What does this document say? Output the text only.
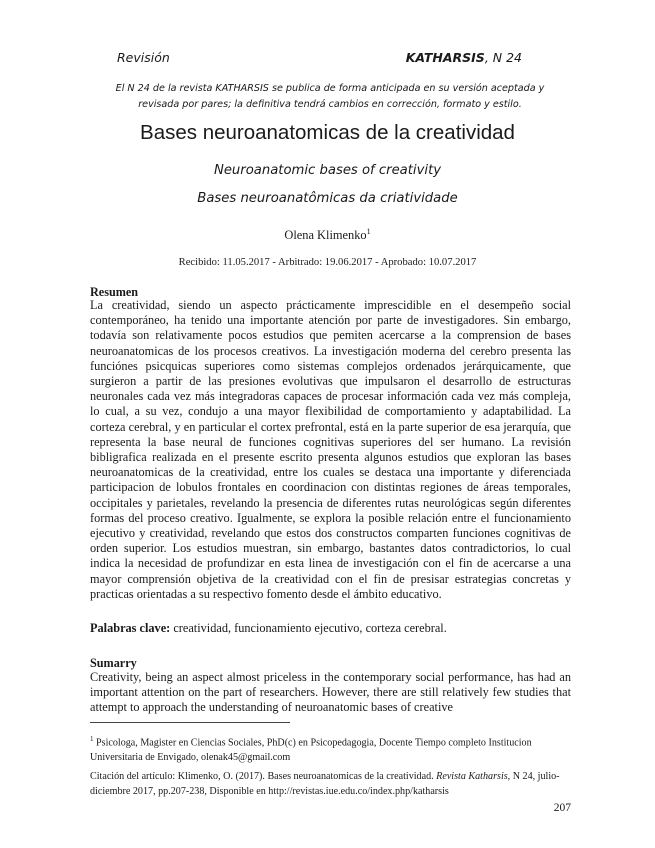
Revisión	KATHARSIS, N 24
El N 24 de la revista KATHARSIS se publica de forma anticipada en su versión aceptada y
revisada por pares; la definitiva tendrá cambios en corrección, formato y estilo.
Bases neuroanatomicas de la creatividad
Neuroanatomic bases of creativity
Bases neuroanatômicas da criatividade
Olena Klimenko$^1$
Recibido: 11.05.2017 - Arbitrado: 19.06.2017 - Aprobado: 10.07.2017
Resumen
La creatividad, siendo un aspecto prácticamente imprescidible en el desempeño social contemporáneo, ha tenido una importante atención por parte de investigadores. Sin embargo, todavía son relativamente pocos estudios que pemiten acercarse a la comprension de bases neuroanatomicas de los procesos creativos. La investigación moderna del cerebro presenta las funciónes psicquicas superiores como sistemas complejos ordenados jerárquicamente, que surgieron a partir de las presiones evolutivas que impulsaron el desarrollo de estructuras neuronales cada vez más integradoras capaces de procesar información cada vez más compleja, lo cual, a su vez, condujo a una mayor flexibilidad de comportamiento y adaptabilidad. La corteza cerebral, y en particular el cortex prefrontal, está en la parte superior de esa jerarquía, que representa la base neural de funciones cognitivas superiores del ser humano. La revisión bibligrafica realizada en el presente escrito presenta algunos estudios que exploran las bases neuroanatomicas de la creatividad, entre los cuales se destaca una importante y diferenciada participacion de lobulos frontales en coordinacion con distintas regiones de áreas temporales, occipitales y parietales, revelando la presencia de diferentes rutas neurológicas según diferentes formas del proceso creativo. Igualmente, se explora la posible relación entre el funcionamiento ejecutivo y creatividad, revelando que estos dos constructos comparten funciones cognitivas de orden superior. Los estudios muestran, sin embargo, bastantes datos contradictorios, lo cual indica la necesidad de profundizar en esta linea de investigación con el fin de acercarse a una mayor comprensión objetiva de la creatividad con el fin de presisar estrategias concretas y practicas orientadas a su respectivo fomento desde el ámbito educativo.
Palabras clave: creatividad, funcionamiento ejecutivo, corteza cerebral.
Sumarry
Creativity, being an aspect almost priceless in the contemporary social performance, has had an important attention on the part of researchers. However, there are still relatively few studies that attempt to approach the understanding of neuroanatomic bases of creative
$^1$ Psicologa, Magister en Ciencias Sociales, PhD(c) en Psicopedagogia, Docente Tiempo completo Institucion Universitaria de Envigado, olenak45@gmail.com
Citación del artículo: Klimenko, O. (2017). Bases neuroanatomicas de la creatividad. Revista Katharsis, N 24, julio-diciembre 2017, pp.207-238, Disponible en http://revistas.iue.edu.co/index.php/katharsis
207
